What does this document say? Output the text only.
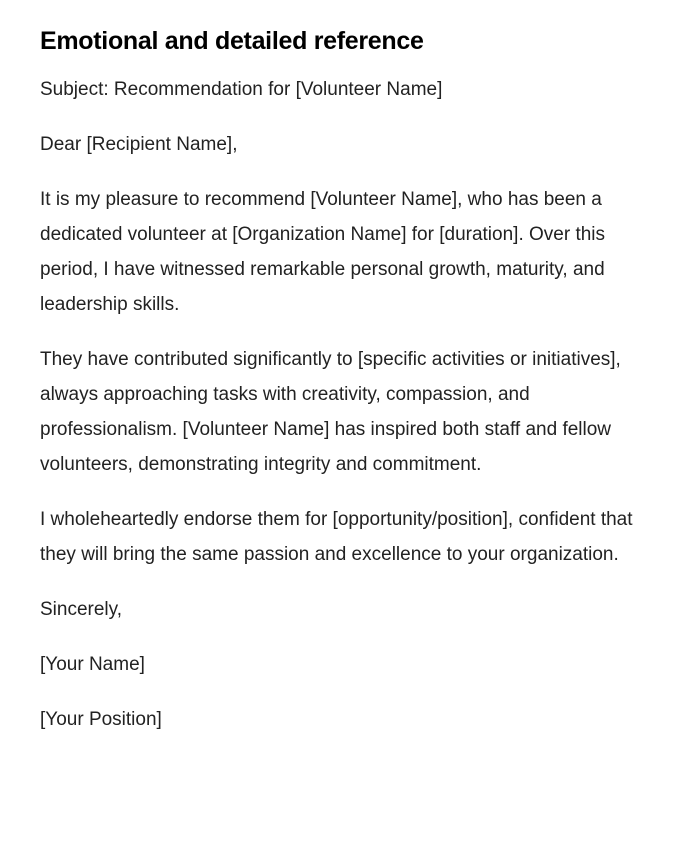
Emotional and detailed reference

Subject: Recommendation for [Volunteer Name]

Dear [Recipient Name],

It is my pleasure to recommend [Volunteer Name], who has been a dedicated volunteer at [Organization Name] for [duration]. Over this period, I have witnessed remarkable personal growth, maturity, and leadership skills.

They have contributed significantly to [specific activities or initiatives], always approaching tasks with creativity, compassion, and professionalism. [Volunteer Name] has inspired both staff and fellow volunteers, demonstrating integrity and commitment.

I wholeheartedly endorse them for [opportunity/position], confident that they will bring the same passion and excellence to your organization.

Sincerely,

[Your Name]

[Your Position]
